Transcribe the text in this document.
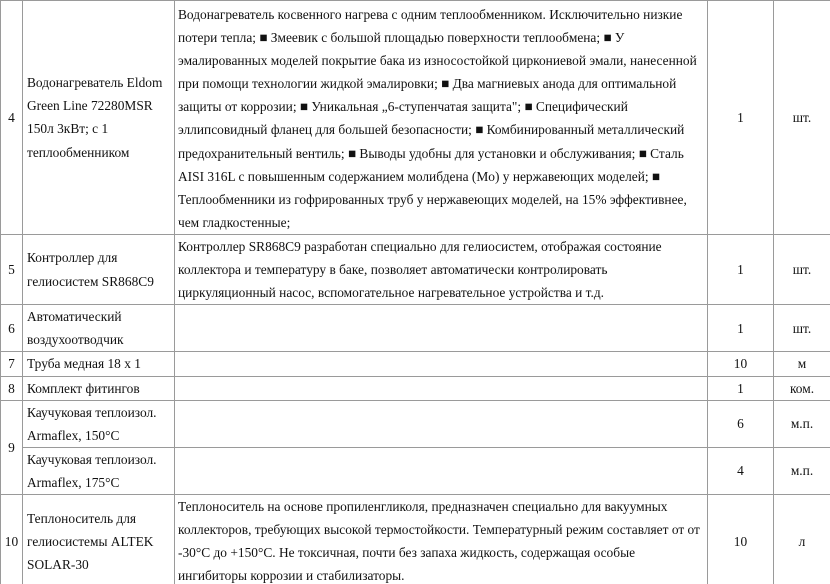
4	Водонагреватель Eldom Green Line 72280MSR 150л 3кВт; с 1 теплообменником	Водонагреватель косвенного нагрева с одним теплообменником. Исключительно низкие потери тепла; ■ Змеевик с большой площадью поверхности теплообмена; ■ У эмалированных моделей покрытие бака из износостойкой циркониевой эмали, нанесенной при помощи технологии жидкой эмалировки; ■ Два магниевых анода для оптимальной защиты от коррозии; ■ Уникальная „6-ступенчатая защита"; ■ Специфический эллипсовидный фланец для большей безопасности; ■ Комбинированный металлический предохранительный вентиль; ■ Выводы удобны для установки и обслуживания; ■ Сталь AISI 316L с повышенным содержанием молибдена (Mo) у нержавеющих моделей; ■ Теплообменники из гофрированных труб у нержавеющих моделей, на 15% эффективнее, чем гладкостенные;	1	шт.
5	Контроллер для гелиосистем SR868C9	Контроллер SR868C9 разработан специально для гелиосистем, отображая состояние коллектора и температуру в баке, позволяет автоматически контролировать циркуляционный насос, вспомогательное нагревательное устройства и т.д.	1	шт.
6	Автоматический воздухоотводчик		1	шт.
7	Труба медная 18 x 1		10	м
8	Комплект фитингов		1	ком.
9	Каучуковая теплоизол. Armaflex, 150°C		6	м.п.
	Каучуковая теплоизол. Armaflex, 175°C		4	м.п.
10	Теплоноситель для гелиосистемы ALTEK SOLAR-30	Теплоноситель на основе пропиленгликоля, предназначен специально для вакуумных коллекторов, требующих высокой термостойкости. Температурный режим составляет от от -30°C до +150°C. Не токсичная, почти без запаха жидкость, содержащая особые ингибиторы коррозии и стабилизаторы.	10	л
